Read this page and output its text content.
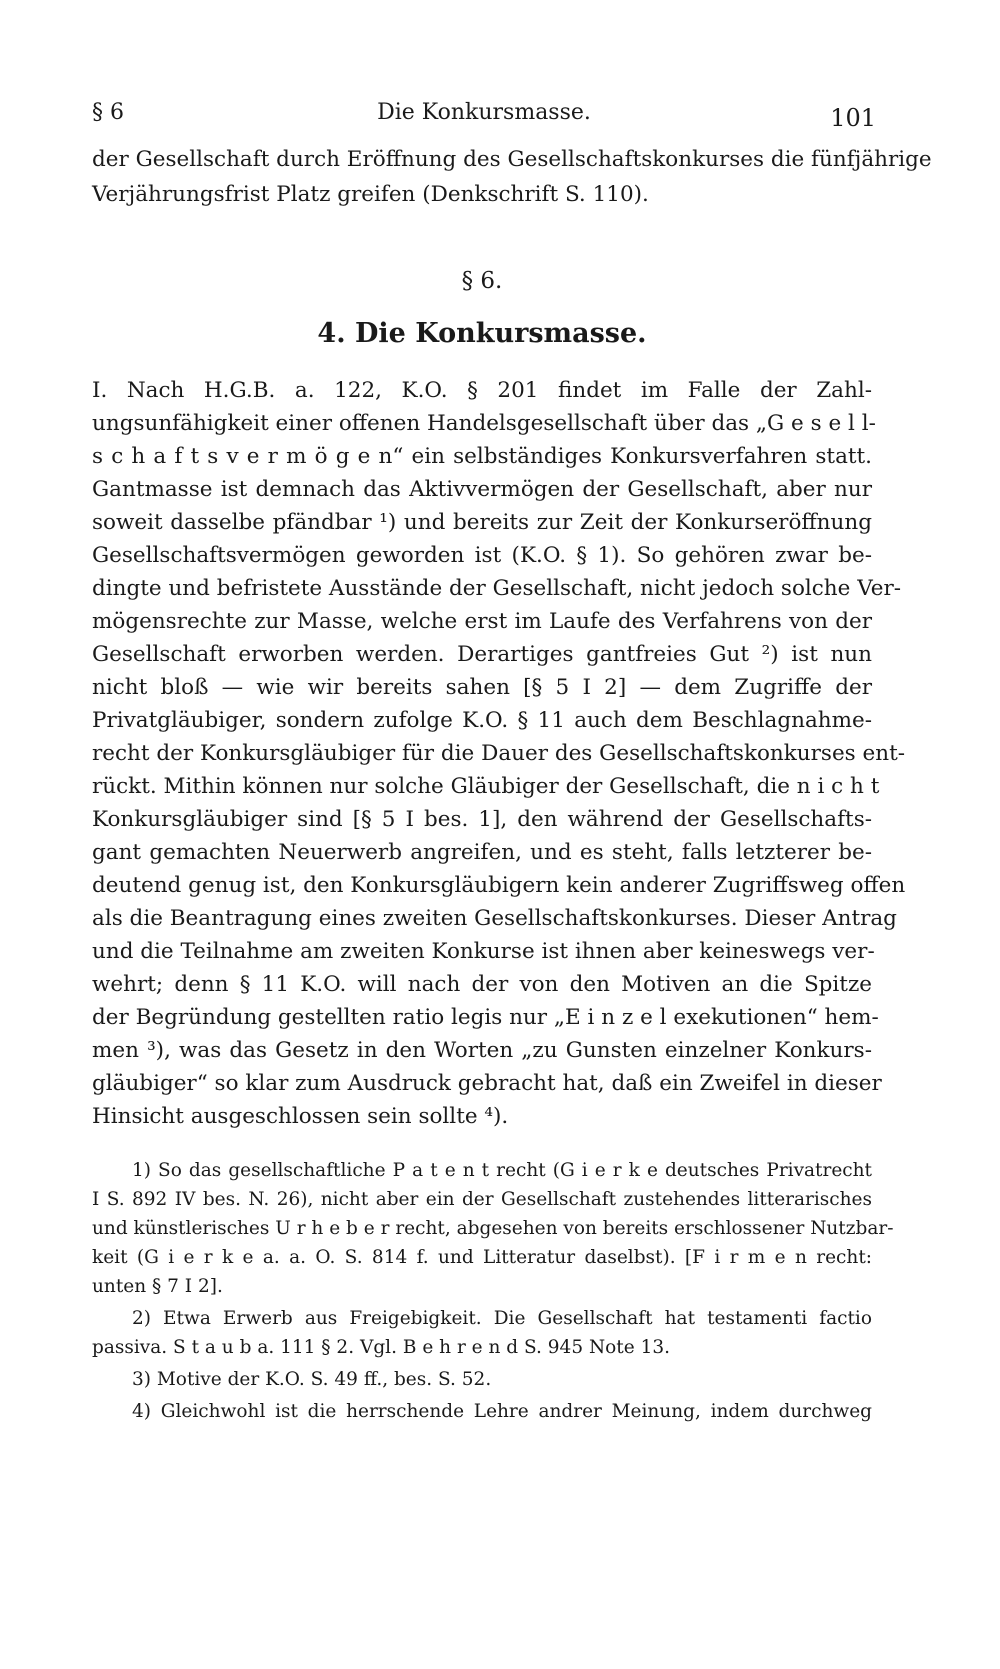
§ 6	Die Konkursmasse.	101
der Gesellschaft durch Eröffnung des Gesellschaftskonkurses die fünfjährige
Verjährungsfrist Platz greifen (Denkschrift S. 110).
§ 6.
4. Die Konkursmasse.
I. Nach H.G.B. a. 122, K.O. § 201 findet im Falle der Zahl-
ungsunfähigkeit einer offenen Handelsgesellschaft über das „G e s e l l-
s c h a f t s v e r m ö g e n“ ein selbständiges Konkursverfahren statt.
Gantmasse ist demnach das Aktivvermögen der Gesellschaft, aber nur
soweit dasselbe pfändbar ¹) und bereits zur Zeit der Konkurseröffnung
Gesellschaftsvermögen geworden ist (K.O. § 1). So gehören zwar be-
dingte und befristete Ausstände der Gesellschaft, nicht jedoch solche Ver-
mögensrechte zur Masse, welche erst im Laufe des Verfahrens von der
Gesellschaft erworben werden. Derartiges gantfreies Gut ²) ist nun
nicht bloß — wie wir bereits sahen [§ 5 I 2] — dem Zugriffe der
Privatgläubiger, sondern zufolge K.O. § 11 auch dem Beschlagnahme-
recht der Konkursgläubiger für die Dauer des Gesellschaftskonkurses ent-
rückt. Mithin können nur solche Gläubiger der Gesellschaft, die n i c h t
Konkursgläubiger sind [§ 5 I bes. 1], den während der Gesellschafts-
gant gemachten Neuerwerb angreifen, und es steht, falls letzterer be-
deutend genug ist, den Konkursgläubigern kein anderer Zugriffsweg offen
als die Beantragung eines zweiten Gesellschaftskonkurses. Dieser Antrag
und die Teilnahme am zweiten Konkurse ist ihnen aber keineswegs ver-
wehrt; denn § 11 K.O. will nach der von den Motiven an die Spitze
der Begründung gestellten ratio legis nur „E i n z e l exekutionen“ hem-
men ³), was das Gesetz in den Worten „zu Gunsten einzelner Konkurs-
gläubiger“ so klar zum Ausdruck gebracht hat, daß ein Zweifel in dieser
Hinsicht ausgeschlossen sein sollte ⁴).
1) So das gesellschaftliche P a t e n t recht (G i e r k e deutsches Privatrecht
I S. 892 IV bes. N. 26), nicht aber ein der Gesellschaft zustehendes litterarisches
und künstlerisches U r h e b e r recht, abgesehen von bereits erschlossener Nutzbar-
keit (G i e r k e a. a. O. S. 814 f. und Litteratur daselbst). [F i r m e n recht:
unten § 7 I 2].
2) Etwa Erwerb aus Freigebigkeit. Die Gesellschaft hat testamenti factio
passiva. S t a u b a. 111 § 2. Vgl. B e h r e n d S. 945 Note 13.
3) Motive der K.O. S. 49 ff., bes. S. 52.
4) Gleichwohl ist die herrschende Lehre andrer Meinung, indem durchweg
